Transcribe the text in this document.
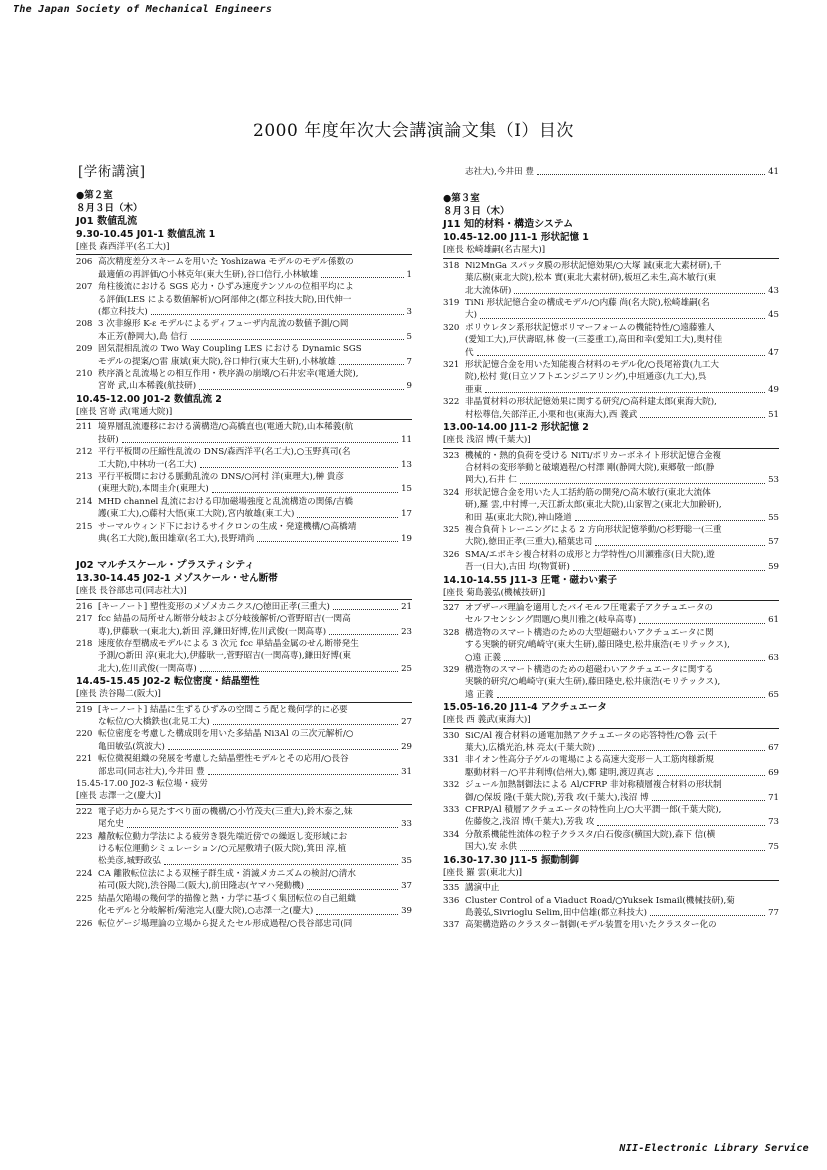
The Japan Society of Mechanical Engineers
2000 年度年次大会講演論文集（Ⅰ）目次
[学術講演]
●第２室
８月３日（木）
J01 数値乱流
9.30-10.45 J01-1 数値乱流 1
[座長 森西洋平(名工大)]
206 高次精度差分スキームを用いた Yoshizawa モデルのモデル係数の
最適値の再評価/○小林克年(東大生研),谷口信行,小林敏雄	1
207 角柱後流における SGS 応力・ひずみ速度テンソルの位相平均によ
る評価(LES による数値解析)/○阿部伸之(都立科技大院),田代伸一
(都立科技大)	3
208 3 次非線形 K-ε モデルによるディフューザ内乱流の数値予測/○岡
本正芳(静岡大),島 信行	5
209 固気混相乱流の Two Way Coupling LES における Dynamic SGS
モデルの提案/○雷 康斌(東大院),谷口伸行(東大生研),小林敏雄	7
210 秩序渦と乱流場との相互作用・秩序渦の崩壊/○石井宏幸(電通大院),
宮嵜 武,山本稀義(航技研)	9
10.45-12.00 J01-2 数値乱流 2
[座長 宮嵜 武(電通大院)]
211 境界層乱流遷移における満構造/○高橋直也(電通大院),山本稀義(航
技研)	11
212 平行平板間の圧縮性乱流の DNS/森西洋平(名工大),○玉野真司(名
工大院),中林功一(名工大)	13
213 平行平板間における脈動乱流の DNS/○河村 洋(東理大),榊 貴彦
(東理大院),本間圭介(東理大)	15
214 MHD channel 乱流における印加磁場強度と乱流構造の関係/吉橋
護(東工大),○藤村大悟(東工大院),宮内敏雄(東工大)	17
215 サーマルウィンド下におけるサイクロンの生成・発達機構/○高橋靖
典(名工大院),飯田雄章(名工大),長野靖尚	19
J02 マルチスケール・プラスティシティ
13.30-14.45 J02-1 メゾスケール・せん断帯
[座長 長谷部忠司(同志社大)]
216 [キーノート] 塑性変形のメゾメカニクス/○徳田正孝(三重大)	21
217 fcc 結晶の局所せん断帯分岐および分岐後解析/○菅野昭吉(一関高
専),伊藤耿一(東北大),新田 淳,鎌田好博,佐川武俊(一関高専)	23
218 速度依存型構成モデルによる 3 次元 fcc 単結晶金属のせん断帯発生
予測/○新田 淳(東北大),伊藤耿一,菅野昭吉(一関高専),鎌田好博(東
北大),佐川武俊(一関高専)	25
14.45-15.45 J02-2 転位密度・結晶塑性
[座長 渋谷陽二(阪大)]
219 [キーノート] 結晶に生ずるひずみの空間こう配と幾何学的に必要
な転位/○大橋鉄也(北見工大)	27
220 転位密度を考慮した構成則を用いた多結晶 Ni3Al の三次元解析/○
亀田敏弘(筑波大)	29
221 転位微視組織の発展を考慮した結晶塑性モデルとその応用/○長谷
部忠司(同志社大),今井田 豊	31
15.45-17.00 J02-3 転位場・疲労
[座長 志澤一之(慶大)]
222 電子応力から見たすべり面の機構/○小竹茂夫(三重大),鈴木泰之,妹
尾允史	33
223 離散転位動力学法による疲労き裂先端近傍での繰返し変形域にお
ける転位運動シミュレーション/○元屋敷靖子(阪大院),箕田 淳,植
松美彦,城野政弘	35
224 CA 離散転位法による双極子群生成・消滅メカニズムの検討/○清水
祐司(阪大院),渋谷陽二(阪大),前田隆志(ヤマハ発動機)	37
225 結晶欠陥場の幾何学的描像と熱・力学に基づく集団転位の自己組織
化モデルと分岐解析/菊池完人(慶大院),○志澤一之(慶大)	39
226 転位ゲージ場理論の立場から捉えたセル形成過程/○長谷部忠司(同
志社大),今井田 豊	41
●第３室
８月３日（木）
J11 知的材料・構造システム
10.45-12.00 J11-1 形状記憶 1
[座長 松崎雄嗣(名古屋大)]
318 Ni2MnGa スパッタ膜の形状記憶効果/○大塚 誠(東北大素材研),千
葉広樹(東北大院),松本 實(東北大素材研),板垣乙未生,高木敏行(東
北大流体研)	43
319 TiNi 形状記憶合金の構成モデル/○内藤 尚(名大院),松崎雄嗣(名
大)	45
320 ポリウレタン系形状記憶ポリマーフォームの機能特性/○遠藤雅人
(愛知工大),戸伏壽昭,林 俊一(三菱重工),高田和幸(愛知工大),奥村佳
代	47
321 形状記憶合金を用いた知能複合材料のモデル化/○長尾裕貴(九工大
院),松村 覚(日立ソフトエンジニアリング),中垣通彦(九工大),呉
亜東	49
322 非晶質材料の形状記憶効果に関する研究/○高科建太郎(東海大院),
村松尊信,矢部洋正,小栗和也(東海大),西 義武	51
13.00-14.00 J11-2 形状記憶 2
[座長 浅沼 博(千葉大)]
323 機械的・熱的負荷を受ける NiTi/ポリカーボネイト形状記憶合金複
合材料の変形挙動と破壊過程/○村澤 剛(静岡大院),東郷敬一郎(静
岡大),石井 仁	53
324 形状記憶合金を用いた人工括約筋の開発/○高木敏行(東北大流体
研),羅 雲,中村博一,天江新太郎(東北大院),山家智之(東北大加齢研),
和田 基(東北大院),神山隆道	55
325 複合負荷トレーニングによる 2 方向形状記憶挙動/○杉野聡一(三重
大院),徳田正孝(三重大),稲葉忠司	57
326 SMA/エポキシ複合材料の成形と力学特性/○川瀬雅彦(日大院),遊
吾一(日大),古田 均(物質研)	59
14.10-14.55 J11-3 圧電・磁わい素子
[座長 菊島義弘(機械技研)]
327 オブザーバ理論を適用したバイモルフ圧電素子アクチュエータの
セルフセンシング問題/○奥川雅之(岐阜高専)	61
328 構造物のスマート構造のための大型超磁わいアクチュエータに関
する実験的研究/嶋崎守(東大生研),藤田隆史,松井康浩(モリテックス),
○遠 正義	63
329 構造物のスマート構造のための超磁わいアクチュエータに関する
実験的研究/○嶋崎守(東大生研),藤田隆史,松井康浩(モリテックス),
遠 正義	65
15.05-16.20 J11-4 アクチュエータ
[座長 西 義武(東海大)]
330 SiC/Al 複合材料の通電加熱アクチュエータの応答特性/○魯 云(千
葉大),広橋光治,林 亮太(千葉大院)	67
331 非イオン性高分子ゲルの電場による高速大変形－人工筋肉様新規
駆動材料－/○平井利博(信州大),鄭 建明,渡辺真志	69
332 ジュール加熱制御法による Al/CFRP 非対称積層複合材料の形状制
御/○保坂 隆(千葉大院),芳我 攻(千葉大),浅沼 博	71
333 CFRP/Al 積層アクチュエータの特性向上/○大平潤一郎(千葉大院),
佐藤俊之,浅沼 博(千葉大),芳我 攻	73
334 分散系機能性流体の粒子クラスタ/白石俊彦(横国大院),森下 信(横
国大),安 永供	75
16.30-17.30 J11-5 振動制御
[座長 羅 雲(東北大)]
335 講演中止
336 Cluster Control of a Viaduct Road/○Yuksek Ismail(機械技研),菊
島義弘,Sivrioglu Selim,田中信雄(都立科技大)	77
337 高架構造路のクラスター制御(モデル装置を用いたクラスター化の
NII-Electronic Library Service
